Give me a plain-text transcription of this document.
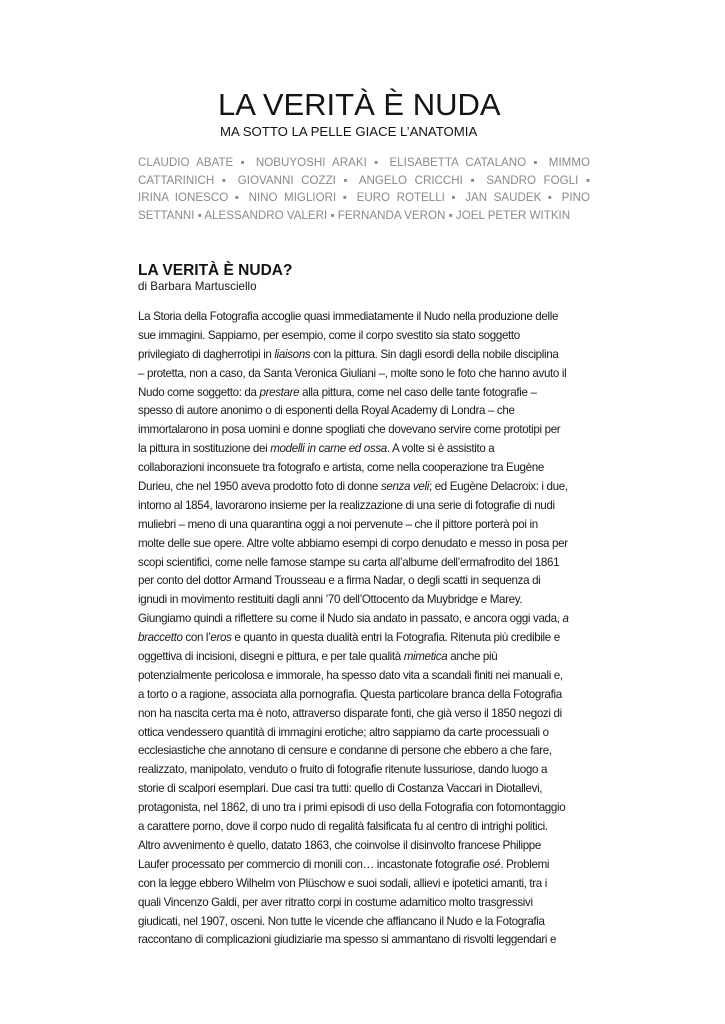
LA VERITÀ È NUDA
MA SOTTO LA PELLE GIACE L’ANATOMIA
CLAUDIO ABATE ▪ NOBUYOSHI ARAKI ▪ ELISABETTA CATALANO ▪ MIMMO
CATTARINICH ▪ GIOVANNI COZZI ▪ ANGELO CRICCHI ▪ SANDRO FOGLI ▪
IRINA IONESCO ▪ NINO MIGLIORI ▪ EURO ROTELLI ▪ JAN SAUDEK ▪ PINO
SETTANNI ▪ ALESSANDRO VALERI ▪ FERNANDA VERON ▪ JOEL PETER WITKIN
LA VERITÀ È NUDA?
di Barbara Martusciello
La Storia della Fotografia accoglie quasi immediatamente il Nudo nella produzione delle
sue immagini. Sappiamo, per esempio, come il corpo svestito sia stato soggetto
privilegiato di dagherrotipi in liaisons con la pittura. Sin dagli esordi della nobile disciplina
– protetta, non a caso, da Santa Veronica Giuliani –, molte sono le foto che hanno avuto il
Nudo come soggetto: da prestare alla pittura, come nel caso delle tante fotografie –
spesso di autore anonimo o di esponenti della Royal Academy di Londra – che
immortalarono in posa uomini e donne spogliati che dovevano servire come prototipi per
la pittura in sostituzione dei modelli in carne ed ossa. A volte si è assistito a
collaborazioni inconsuete tra fotografo e artista, come nella cooperazione tra Eugène
Durieu, che nel 1950 aveva prodotto foto di donne senza veli; ed Eugène Delacroix: i due,
intorno al 1854, lavorarono insieme per la realizzazione di una serie di fotografie di nudi
muliebri – meno di una quarantina oggi a noi pervenute – che il pittore porterà poi in
molte delle sue opere. Altre volte abbiamo esempi di corpo denudato e messo in posa per
scopi scientifici, come nelle famose stampe su carta all’albume dell’ermafrodito del 1861
per conto del dottor Armand Trousseau e a firma Nadar, o degli scatti in sequenza di
ignudi in movimento restituiti dagli anni ’70 dell’Ottocento da Muybridge e Marey.
Giungiamo quindi a riflettere su come il Nudo sia andato in passato, e ancora oggi vada, a
braccetto con l’eros e quanto in questa dualità entri la Fotografia. Ritenuta più credibile e
oggettiva di incisioni, disegni e pittura, e per tale qualità mimetica anche più
potenzialmente pericolosa e immorale, ha spesso dato vita a scandali finiti nei manuali e,
a torto o a ragione, associata alla pornografia. Questa particolare branca della Fotografia
non ha nascita certa ma è noto, attraverso disparate fonti, che già verso il 1850 negozi di
ottica vendessero quantità di immagini erotiche; altro sappiamo da carte processuali o
ecclesiastiche che annotano di censure e condanne di persone che ebbero a che fare,
realizzato, manipolato, venduto o fruito di fotografie ritenute lussuriose, dando luogo a
storie di scalpori esemplari. Due casi tra tutti: quello di Costanza Vaccari in Diotallevi,
protagonista, nel 1862, di uno tra i primi episodi di uso della Fotografia con fotomontaggio
a carattere porno, dove il corpo nudo di regalità falsificata fu al centro di intrighi politici.
Altro avvenimento è quello, datato 1863, che coinvolse il disinvolto francese Philippe
Laufer processato per commercio di monili con… incastonate fotografie osé. Problemi
con la legge ebbero Wilhelm von Plüschow e suoi sodali, allievi e ipotetici amanti, tra i
quali Vincenzo Galdi, per aver ritratto corpi in costume adamitico molto trasgressivi
giudicati, nel 1907, osceni. Non tutte le vicende che affiancano il Nudo e la Fotografia
raccontano di complicazioni giudiziarie ma spesso si ammantano di risvolti leggendari e
